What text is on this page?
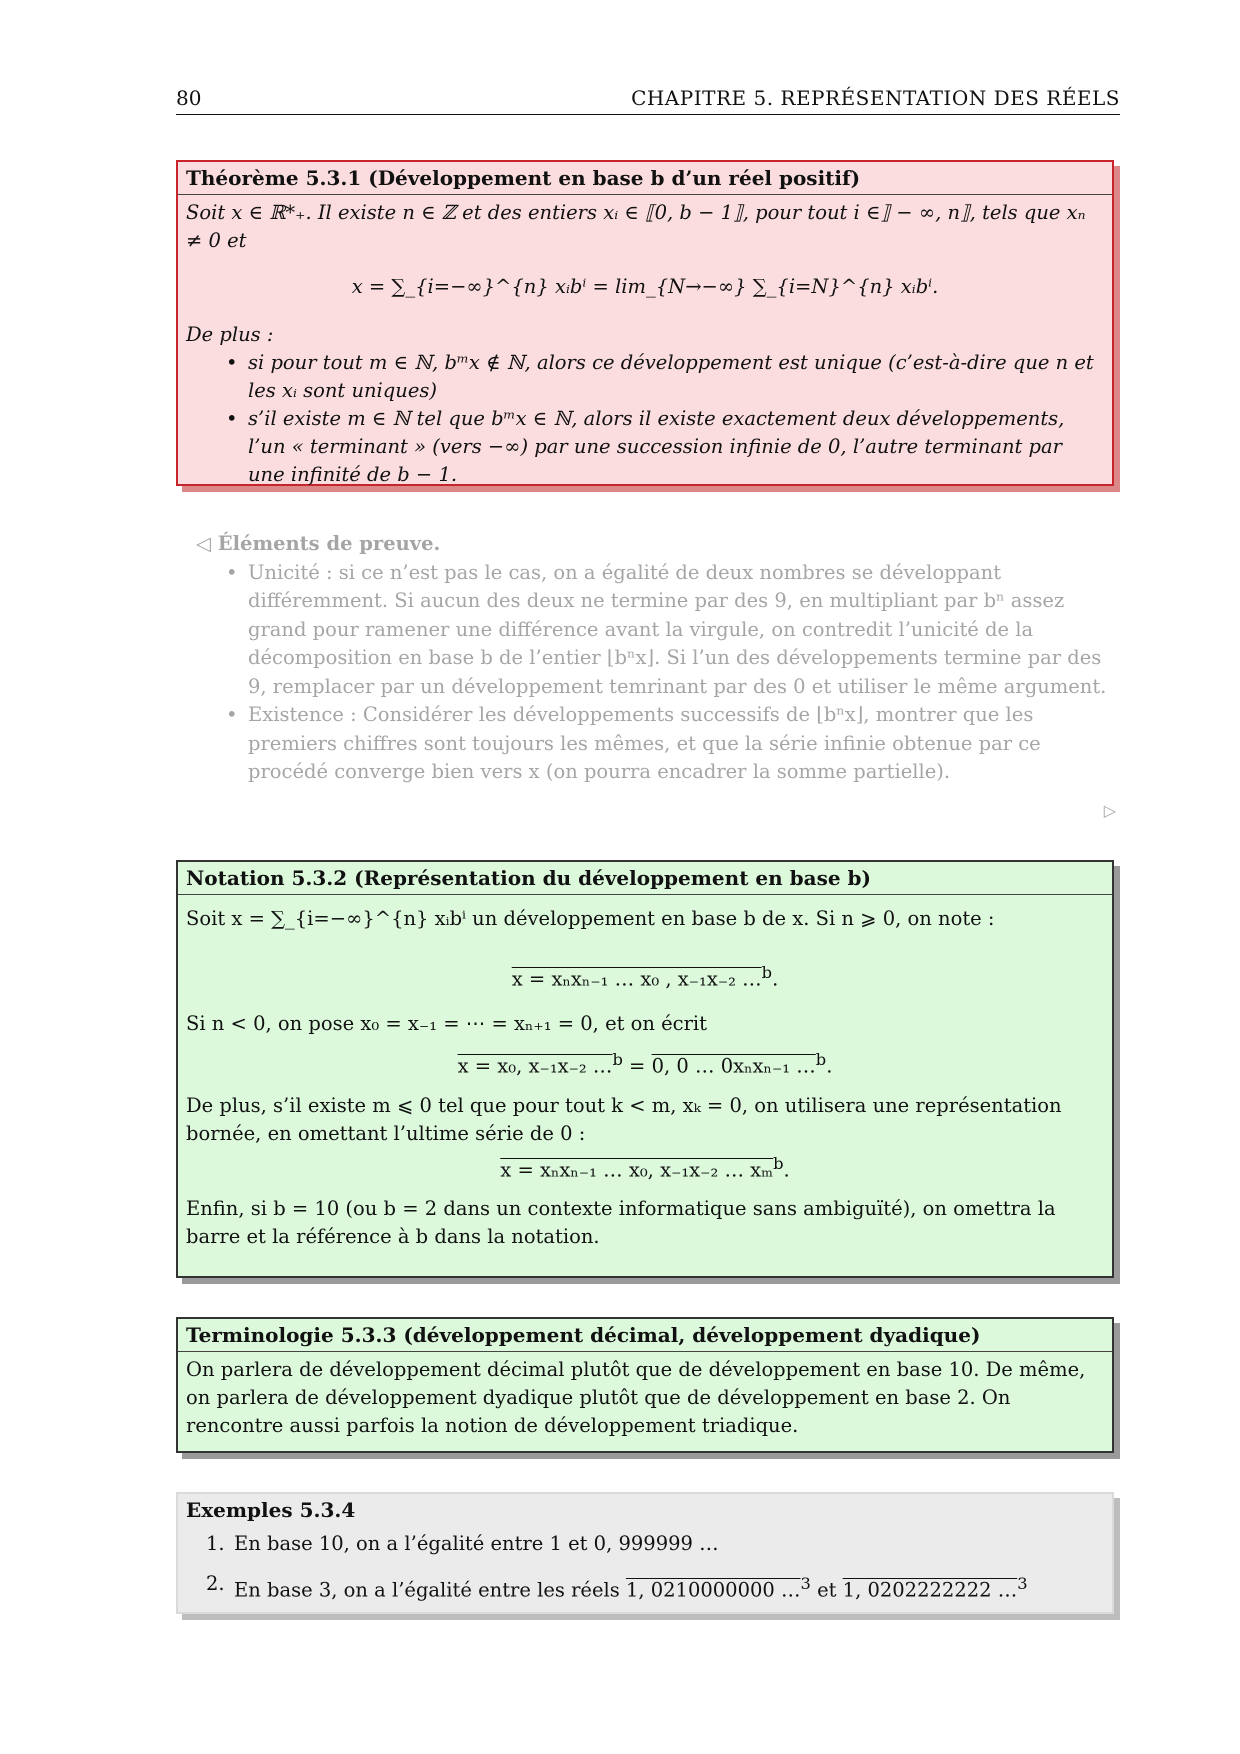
80	CHAPITRE 5. REPRÉSENTATION DES RÉELS
Théorème 5.3.1 (Développement en base b d’un réel positif)
Soit x ∈ ℝ*₊. Il existe n ∈ ℤ et des entiers xᵢ ∈ ⟦0, b − 1⟧, pour tout i ∈⟧ − ∞, n⟧, tels que xₙ ≠ 0 et
x = ∑_{i=−∞}^{n} xᵢbⁱ = lim_{N→−∞} ∑_{i=N}^{n} xᵢbⁱ.
De plus :
• si pour tout m ∈ ℕ, bᵐx ∉ ℕ, alors ce développement est unique (c’est-à-dire que n et les xᵢ sont uniques)
• s’il existe m ∈ ℕ tel que bᵐx ∈ ℕ, alors il existe exactement deux développements, l’un « terminant » (vers −∞) par une succession infinie de 0, l’autre terminant par une infinité de b − 1.
◁ Éléments de preuve.
• Unicité : si ce n’est pas le cas, on a égalité de deux nombres se développant différemment. Si aucun des deux ne termine par des 9, en multipliant par bⁿ assez grand pour ramener une différence avant la virgule, on contredit l’unicité de la décomposition en base b de l’entier ⌊bⁿx⌋. Si l’un des développements termine par des 9, remplacer par un développement temrinant par des 0 et utiliser le même argument.
• Existence : Considérer les développements successifs de ⌊bⁿx⌋, montrer que les premiers chiffres sont toujours les mêmes, et que la série infinie obtenue par ce procédé converge bien vers x (on pourra encadrer la somme partielle).
▷
Notation 5.3.2 (Représentation du développement en base b)
Soit x = ∑_{i=−∞}^{n} xᵢbⁱ un développement en base b de x. Si n ⩾ 0, on note :
x = xₙxₙ₋₁ … x₀ , x₋₁x₋₂ …$^b$.
Si n < 0, on pose x₀ = x₋₁ = ⋯ = xₙ₊₁ = 0, et on écrit
x = x₀, x₋₁x₋₂ …$^b$ = 0, 0 … 0xₙxₙ₋₁ …$^b$.
De plus, s’il existe m ⩽ 0 tel que pour tout k < m, xₖ = 0, on utilisera une représentation bornée, en omettant l’ultime série de 0 :
x = xₙxₙ₋₁ … x₀, x₋₁x₋₂ … xₘ$^b$.
Enfin, si b = 10 (ou b = 2 dans un contexte informatique sans ambiguïté), on omettra la barre et la référence à b dans la notation.
Terminologie 5.3.3 (développement décimal, développement dyadique)
On parlera de développement décimal plutôt que de développement en base 10. De même, on parlera de développement dyadique plutôt que de développement en base 2. On rencontre aussi parfois la notion de développement triadique.
Exemples 5.3.4
1. En base 10, on a l’égalité entre 1 et 0, 999999 …
2. En base 3, on a l’égalité entre les réels 1, 0210000000 …$^3$ et 1, 0202222222 …$^3$
